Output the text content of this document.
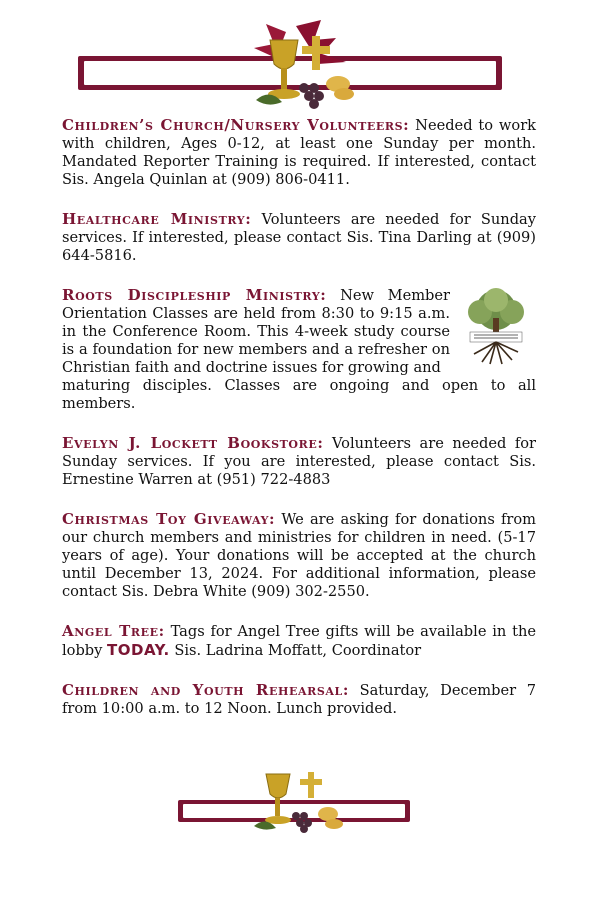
Children’s Church/Nursery Volunteers: Needed to work with children, Ages 0-12, at least one Sunday per month. Mandated Reporter Training is required. If interested, contact Sis. Angela Quinlan at (909) 806-0411.
Healthcare Ministry: Volunteers are needed for Sunday services. If interested, please contact Sis. Tina Darling at (909) 644-5816.
Roots Discipleship Ministry: New Member Orientation Classes are held from 8:30 to 9:15 a.m. in the Conference Room. This 4-week study course is a foundation for new members and a refresher on Christian faith and doctrine issues for growing and
maturing disciples. Classes are ongoing and open to all members.
Evelyn J. Lockett Bookstore: Volunteers are needed for Sunday services. If you are interested, please contact Sis. Ernestine Warren at (951) 722-4883
Christmas Toy Giveaway: We are asking for donations from our church members and ministries for children in need. (5-17 years of age). Your donations will be accepted at the church until December 13, 2024. For additional information, please contact Sis. Debra White (909) 302-2550.
Angel Tree: Tags for Angel Tree gifts will be available in the lobby TODAY. Sis. Ladrina Moffatt, Coordinator
Children and Youth Rehearsal: Saturday, December 7 from 10:00 a.m. to 12 Noon. Lunch provided.
